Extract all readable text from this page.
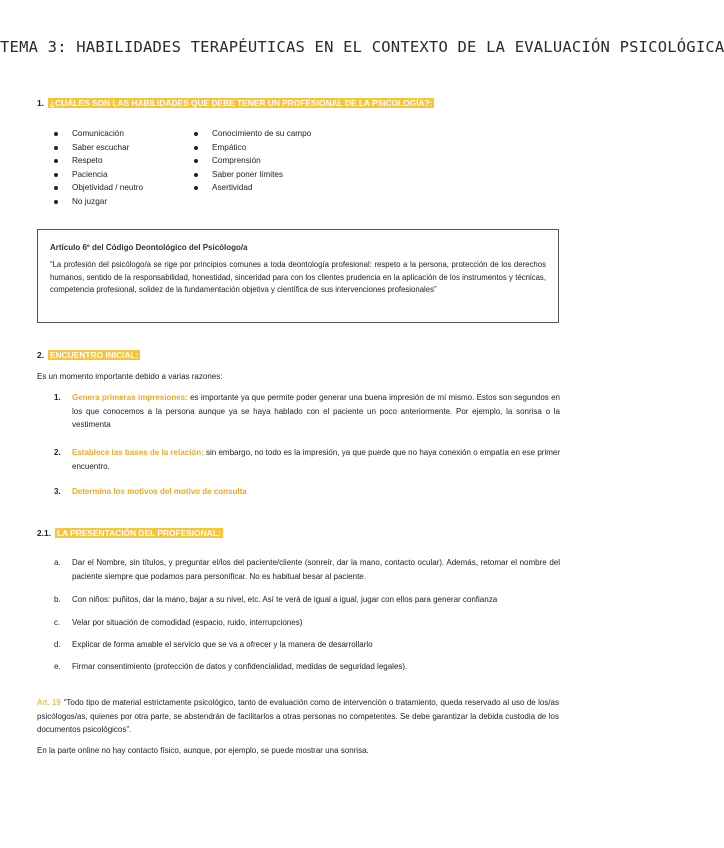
TEMA 3: HABILIDADES TERAPÉUTICAS EN EL CONTEXTO DE LA EVALUACIÓN PSICOLÓGICA
1. ¿CUÁLES SON LAS HABILIDADES QUE DEBE TENER UN PROFESIONAL DE LA PSICOLOGÍA?:
Comunicación
Saber escuchar
Respeto
Paciencia
Objetividad / neutro
No juzgar
Conocimiento de su campo
Empático
Comprensión
Saber poner límites
Asertividad
Artículo 6º del Código Deontológico del Psicólogo/a
“La profesión del psicólogo/a se rige por principios comunes a toda deontología profesional: respeto a la persona, protección de los derechos humanos, sentido de la responsabilidad, honestidad, sinceridad para con los clientes prudencia en la aplicación de los instrumentos y técnicas, competencia profesional, solidez de la fundamentación objetiva y científica de sus intervenciones profesionales”
2. ENCUENTRO INICIAL:
Es un momento importante debido a varias razones:
1. Genera primeras impresiones: es importante ya que permite poder generar una buena impresión de mí mismo. Estos son segundos en los que conocemos a la persona aunque ya se haya hablado con el paciente un poco anteriormente. Por ejemplo, la sonrisa o la vestimenta
2. Establece las bases de la relación: sin embargo, no todo es la impresión, ya que puede que no haya conexión o empatía en ese primer encuentro.
3. Determina los motivos del motivo de consulta
2.1. LA PRESENTACIÓN DEL PROFESIONAL:
a. Dar el Nombre, sin títulos, y preguntar el/los del paciente/cliente (sonreír, dar la mano, contacto ocular). Además, retomar el nombre del paciente siempre que podamos para personificar. No es habitual besar al paciente.
b. Con niños: puñitos, dar la mano, bajar a su nivel, etc. Así te verá de igual a igual, jugar con ellos para generar confianza
c. Velar por situación de comodidad (espacio, ruido, interrupciones)
d. Explicar de forma amable el servicio que se va a ofrecer y la manera de desarrollarlo
e. Firmar consentimiento (protección de datos y confidencialidad, medidas de seguridad legales).
Art. 19 “Todo tipo de material estrictamente psicológico, tanto de evaluación como de intervención o tratamiento, queda reservado al uso de los/as psicólogos/as, quienes por otra parte, se abstendrán de facilitarlos a otras personas no competentes. Se debe garantizar la debida custodia de los documentos psicológicos”.
En la parte online no hay contacto físico, aunque, por ejemplo, se puede mostrar una sonrisa.
